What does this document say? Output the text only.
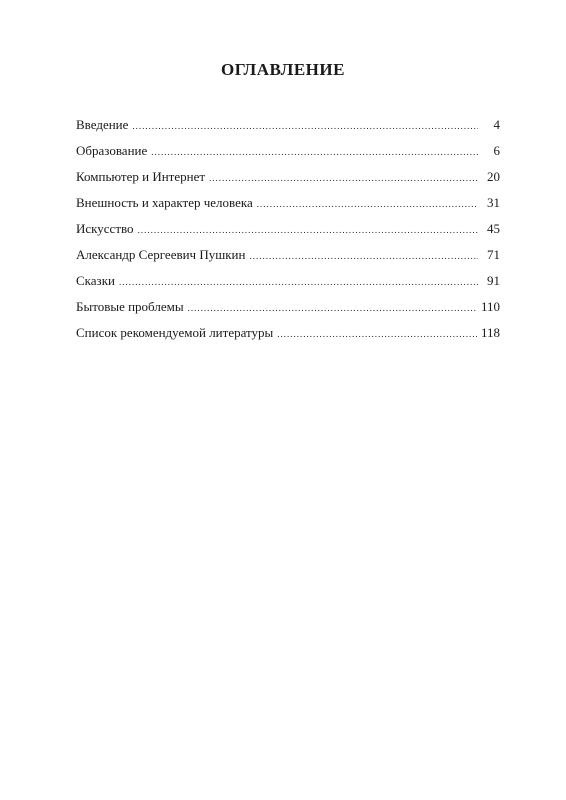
ОГЛАВЛЕНИЕ
Введение .....	4
Образование .....	6
Компьютер и Интернет .....	20
Внешность и характер человека .....	31
Искусство .....	45
Александр Сергеевич Пушкин .....	71
Сказки .....	91
Бытовые проблемы .....	110
Список рекомендуемой литературы .....	118
